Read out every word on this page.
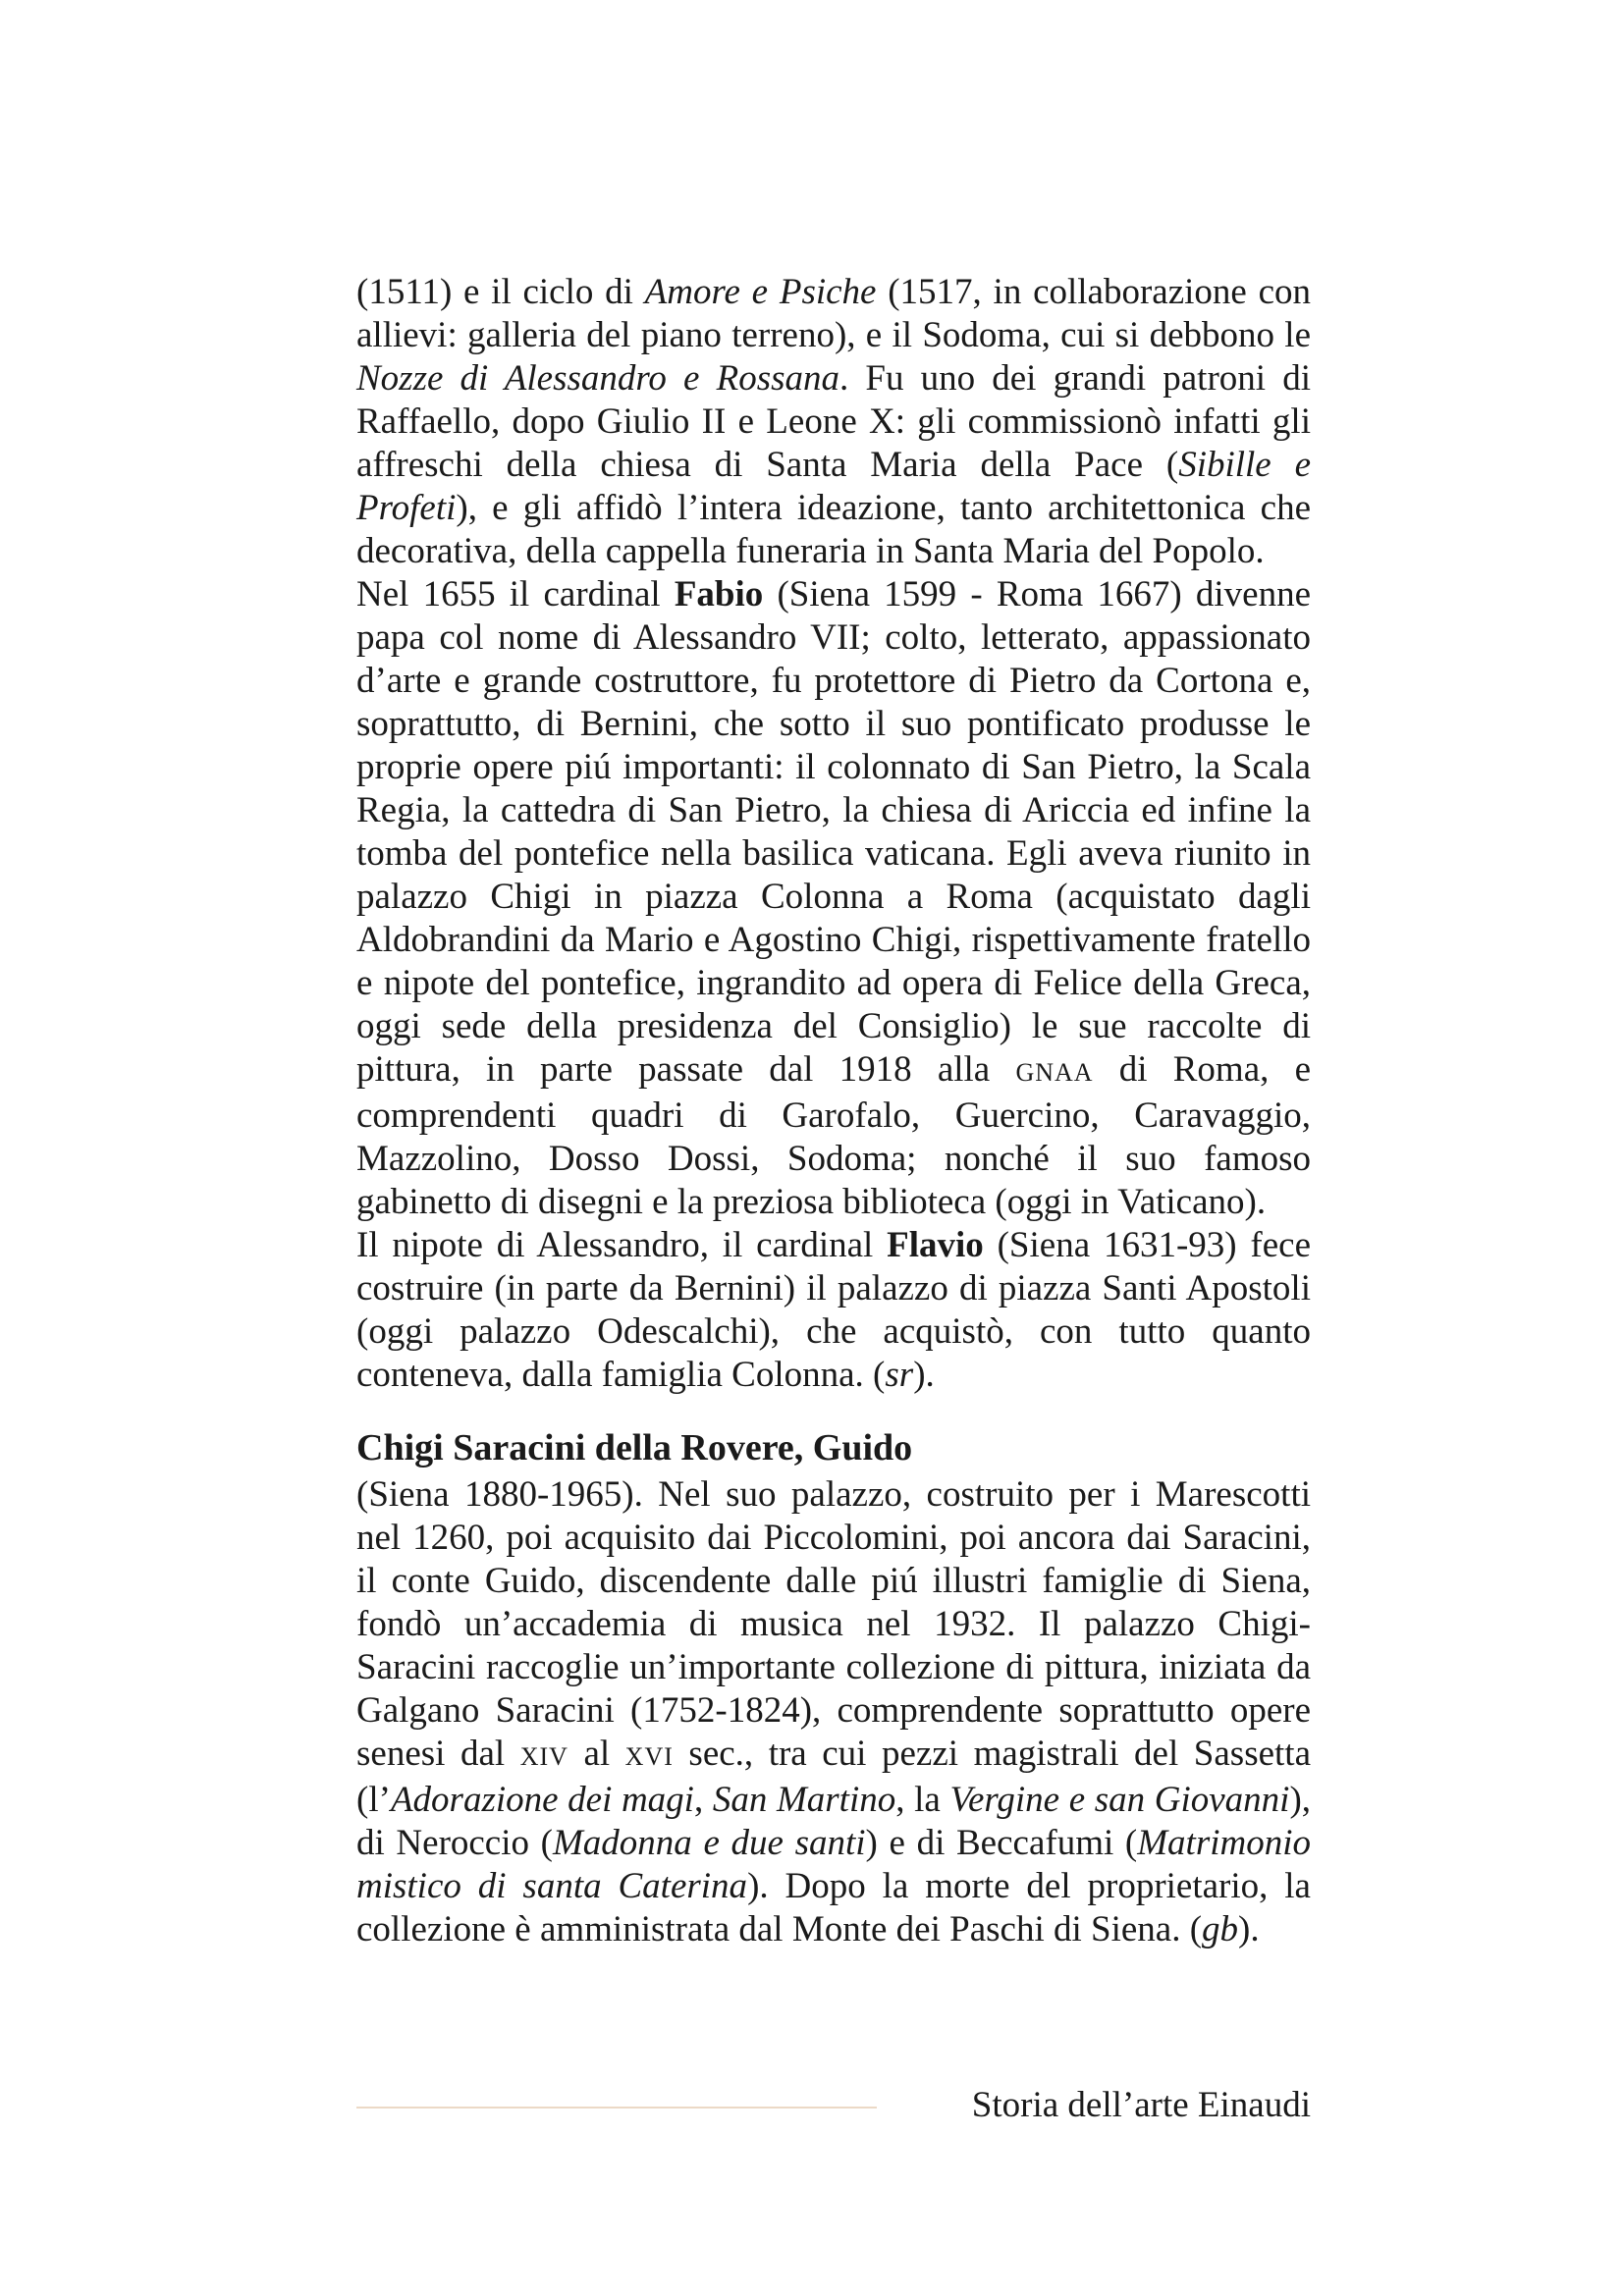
(1511) e il ciclo di Amore e Psiche (1517, in collaborazione con allievi: galleria del piano terreno), e il Sodoma, cui si debbono le Nozze di Alessandro e Rossana. Fu uno dei grandi patroni di Raffaello, dopo Giulio II e Leone X: gli commissionò infatti gli affreschi della chiesa di Santa Maria della Pace (Sibille e Profeti), e gli affidò l’intera ideazione, tanto architettonica che decorativa, della cappella funeraria in Santa Maria del Popolo.

Nel 1655 il cardinal Fabio (Siena 1599 - Roma 1667) divenne papa col nome di Alessandro VII; colto, letterato, appassionato d’arte e grande costruttore, fu protettore di Pietro da Cortona e, soprattutto, di Bernini, che sotto il suo pontificato produsse le proprie opere piú importanti: il colonnato di San Pietro, la Scala Regia, la cattedra di San Pietro, la chiesa di Ariccia ed infine la tomba del pontefice nella basilica vaticana. Egli aveva riunito in palazzo Chigi in piazza Colonna a Roma (acquistato dagli Aldobrandini da Mario e Agostino Chigi, rispettivamente fratello e nipote del pontefice, ingrandito ad opera di Felice della Greca, oggi sede della presidenza del Consiglio) le sue raccolte di pittura, in parte passate dal 1918 alla GNAA di Roma, e comprendenti quadri di Garofalo, Guercino, Caravaggio, Mazzolino, Dosso Dossi, Sodoma; nonché il suo famoso gabinetto di disegni e la preziosa biblioteca (oggi in Vaticano).

Il nipote di Alessandro, il cardinal Flavio (Siena 1631-93) fece costruire (in parte da Bernini) il palazzo di piazza Santi Apostoli (oggi palazzo Odescalchi), che acquistò, con tutto quanto conteneva, dalla famiglia Colonna. (sr).

Chigi Saracini della Rovere, Guido

(Siena 1880-1965). Nel suo palazzo, costruito per i Marescotti nel 1260, poi acquisito dai Piccolomini, poi ancora dai Saracini, il conte Guido, discendente dalle piú illustri famiglie di Siena, fondò un’accademia di musica nel 1932. Il palazzo Chigi-Saracini raccoglie un’importante collezione di pittura, iniziata da Galgano Saracini (1752-1824), comprendente soprattutto opere senesi dal XIV al XVI sec., tra cui pezzi magistrali del Sassetta (l’Adorazione dei magi, San Martino, la Vergine e san Giovanni), di Neroccio (Madonna e due santi) e di Beccafumi (Matrimonio mistico di santa Caterina). Dopo la morte del proprietario, la collezione è amministrata dal Monte dei Paschi di Siena. (gb).

Storia dell’arte Einaudi
